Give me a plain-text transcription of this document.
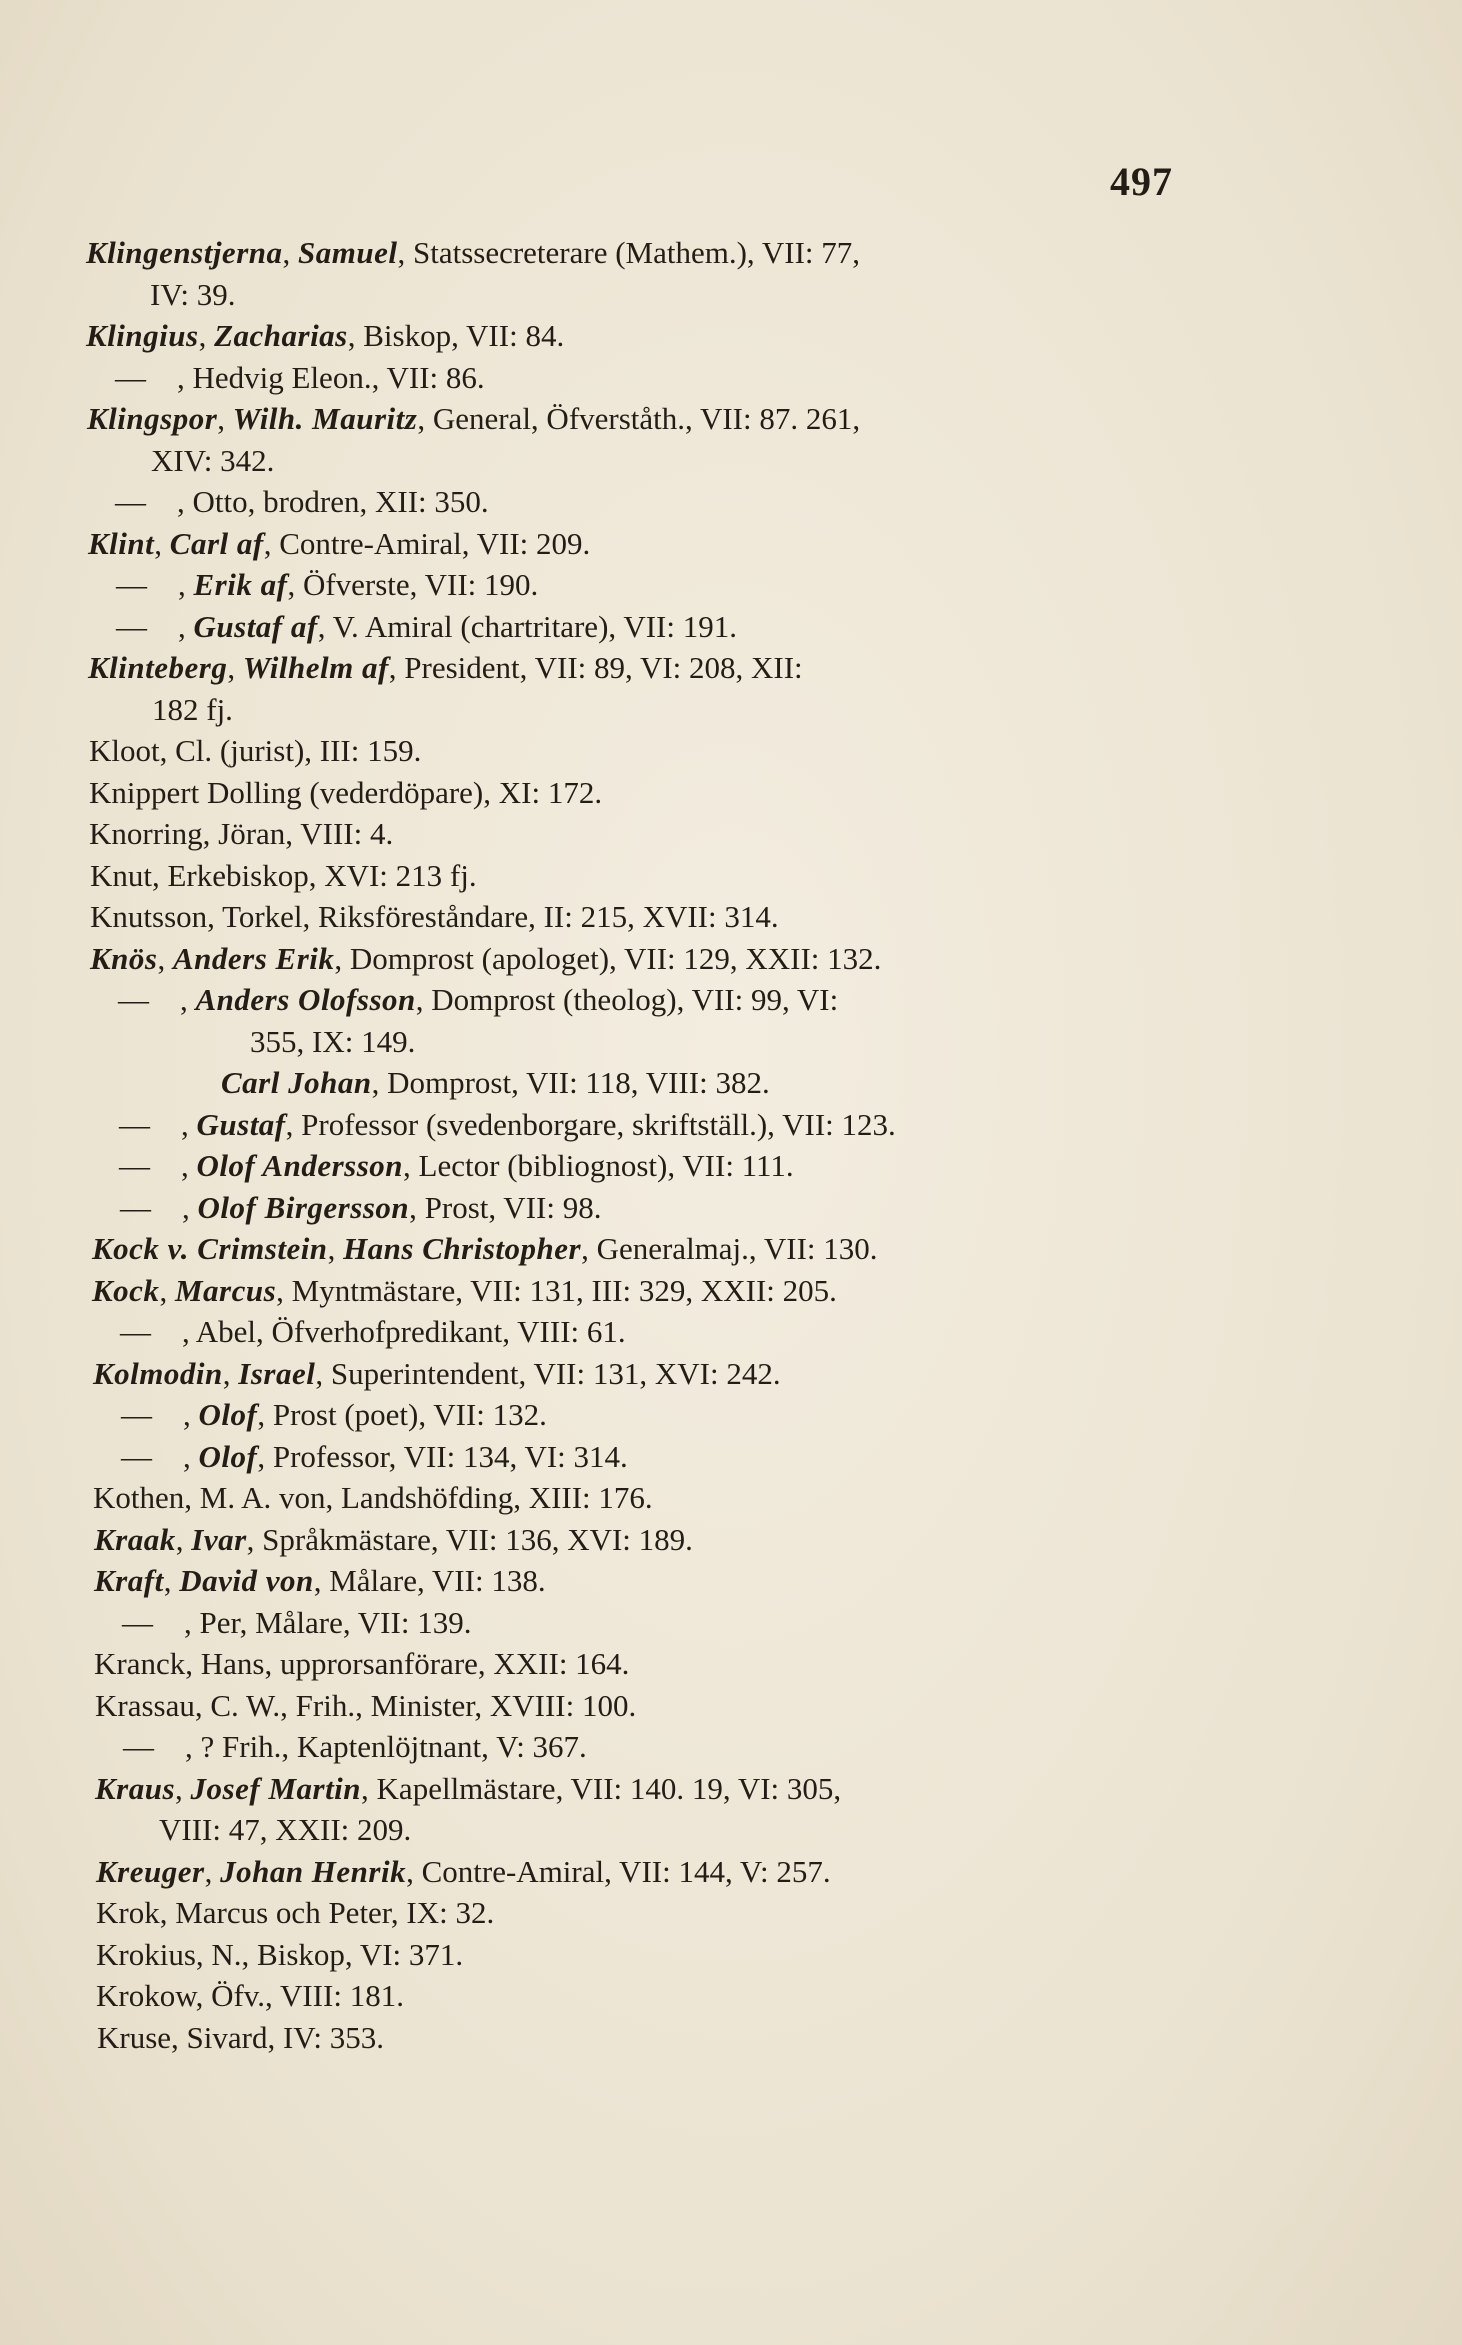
497
Klingenstjerna, Samuel, Statssecreterare (Mathem.), VII: 77,
IV: 39.
Klingius, Zacharias, Biskop, VII: 84.
— , Hedvig Eleon., VII: 86.
Klingspor, Wilh. Mauritz, General, Öfverståth., VII: 87. 261,
XIV: 342.
— , Otto, brodren, XII: 350.
Klint, Carl af, Contre-Amiral, VII: 209.
— , Erik af, Öfverste, VII: 190.
— , Gustaf af, V. Amiral (chartritare), VII: 191.
Klinteberg, Wilhelm af, President, VII: 89, VI: 208, XII:
182 fj.
Kloot, Cl. (jurist), III: 159.
Knippert Dolling (vederdöpare), XI: 172.
Knorring, Jöran, VIII: 4.
Knut, Erkebiskop, XVI: 213 fj.
Knutsson, Torkel, Riksföreståndare, II: 215, XVII: 314.
Knös, Anders Erik, Domprost (apologet), VII: 129, XXII: 132.
— , Anders Olofsson, Domprost (theolog), VII: 99, VI:
355, IX: 149.
Carl Johan, Domprost, VII: 118, VIII: 382.
— , Gustaf, Professor (svedenborgare, skriftställ.), VII: 123.
— , Olof Andersson, Lector (bibliognost), VII: 111.
— , Olof Birgersson, Prost, VII: 98.
Kock v. Crimstein, Hans Christopher, Generalmaj., VII: 130.
Kock, Marcus, Myntmästare, VII: 131, III: 329, XXII: 205.
— , Abel, Öfverhofpredikant, VIII: 61.
Kolmodin, Israel, Superintendent, VII: 131, XVI: 242.
— , Olof, Prost (poet), VII: 132.
— , Olof, Professor, VII: 134, VI: 314.
Kothen, M. A. von, Landshöfding, XIII: 176.
Kraak, Ivar, Språkmästare, VII: 136, XVI: 189.
Kraft, David von, Målare, VII: 138.
— , Per, Målare, VII: 139.
Kranck, Hans, upprorsanförare, XXII: 164.
Krassau, C. W., Frih., Minister, XVIII: 100.
— , ? Frih., Kaptenlöjtnant, V: 367.
Kraus, Josef Martin, Kapellmästare, VII: 140. 19, VI: 305,
VIII: 47, XXII: 209.
Kreuger, Johan Henrik, Contre-Amiral, VII: 144, V: 257.
Krok, Marcus och Peter, IX: 32.
Krokius, N., Biskop, VI: 371.
Krokow, Öfv., VIII: 181.
Kruse, Sivard, IV: 353.
